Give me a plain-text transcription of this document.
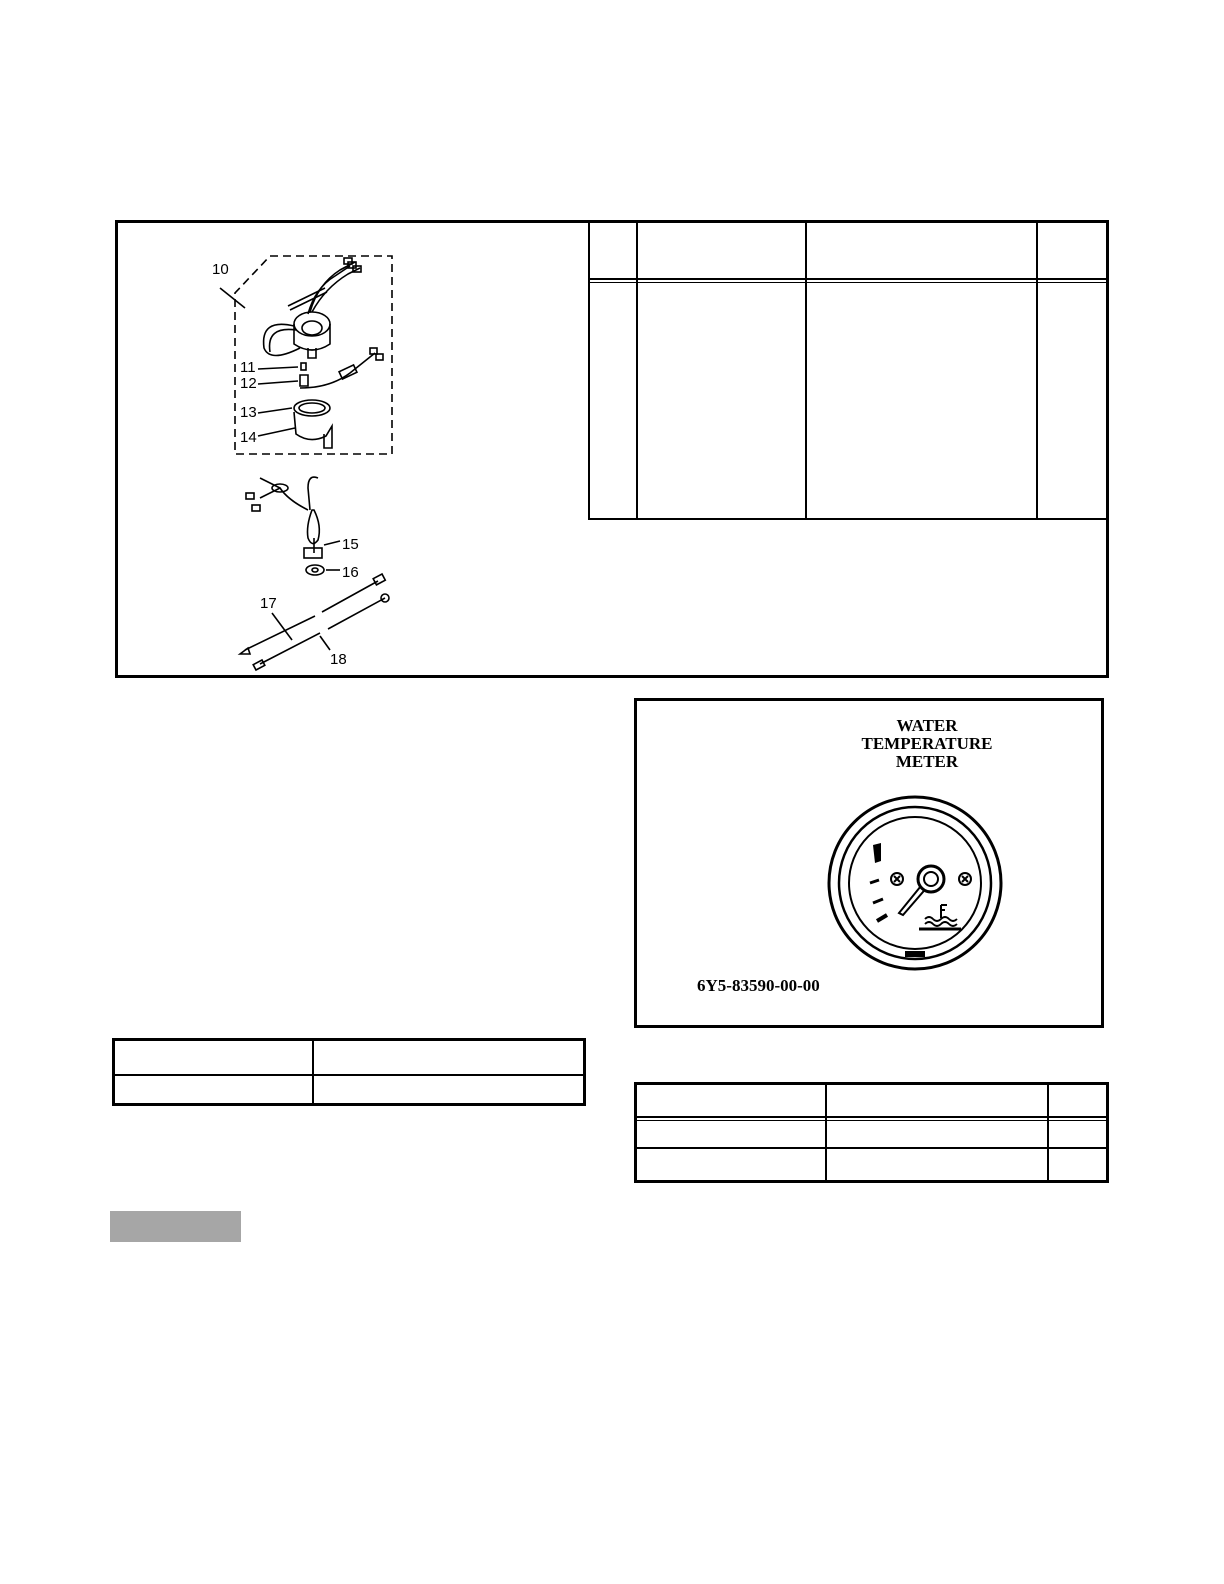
10
11
12
13
14
15
16
17
18
WATER
TEMPERATURE
METER
6Y5-83590-00-00
